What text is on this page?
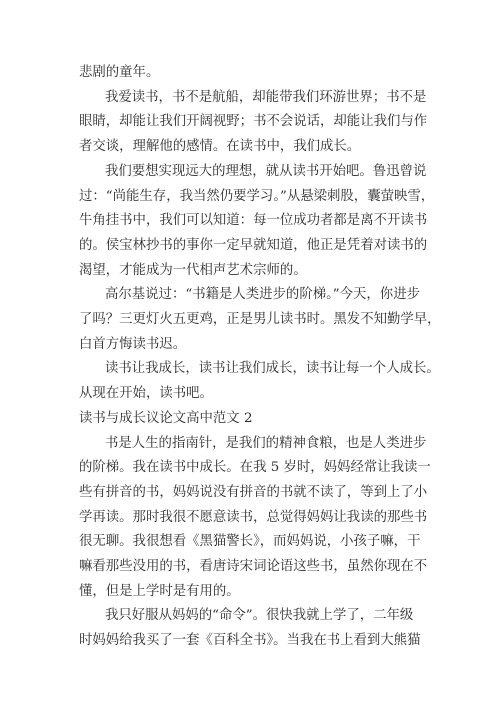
悲剧的童年。

我爱读书，书不是航船，却能带我们环游世界；书不是

眼睛，却能让我们开阔视野；书不会说话，却能让我们与作

者交谈，理解他的感情。在读书中，我们成长。

我们要想实现远大的理想，就从读书开始吧。鲁迅曾说

过：“尚能生存，我当然仍要学习。”从悬梁刺股，囊萤映雪，

牛角挂书中，我们可以知道：每一位成功者都是离不开读书

的。侯宝林抄书的事你一定早就知道，他正是凭着对读书的

渴望，才能成为一代相声艺术宗师的。

高尔基说过：“书籍是人类进步的阶梯。”今天，你进步

了吗？三更灯火五更鸡，正是男儿读书时。黑发不知勤学早，

白首方悔读书迟。

读书让我成长，读书让我们成长，读书让每一个人成长。

从现在开始，读书吧。

读书与成长议论文高中范文 2

书是人生的指南针，是我们的精神食粮，也是人类进步

的阶梯。我在读书中成长。在我 5 岁时，妈妈经常让我读一

些有拼音的书，妈妈说没有拼音的书就不读了，等到上了小

学再读。那时我很不愿意读书，总觉得妈妈让我读的那些书

很无聊。我很想看《黑猫警长》，而妈妈说，小孩子嘛，干

嘛看那些没用的书，看唐诗宋词论语这些书，虽然你现在不

懂，但是上学时是有用的。

我只好服从妈妈的“命令”。很快我就上学了，二年级

时妈妈给我买了一套《百科全书》。当我在书上看到大熊猫
